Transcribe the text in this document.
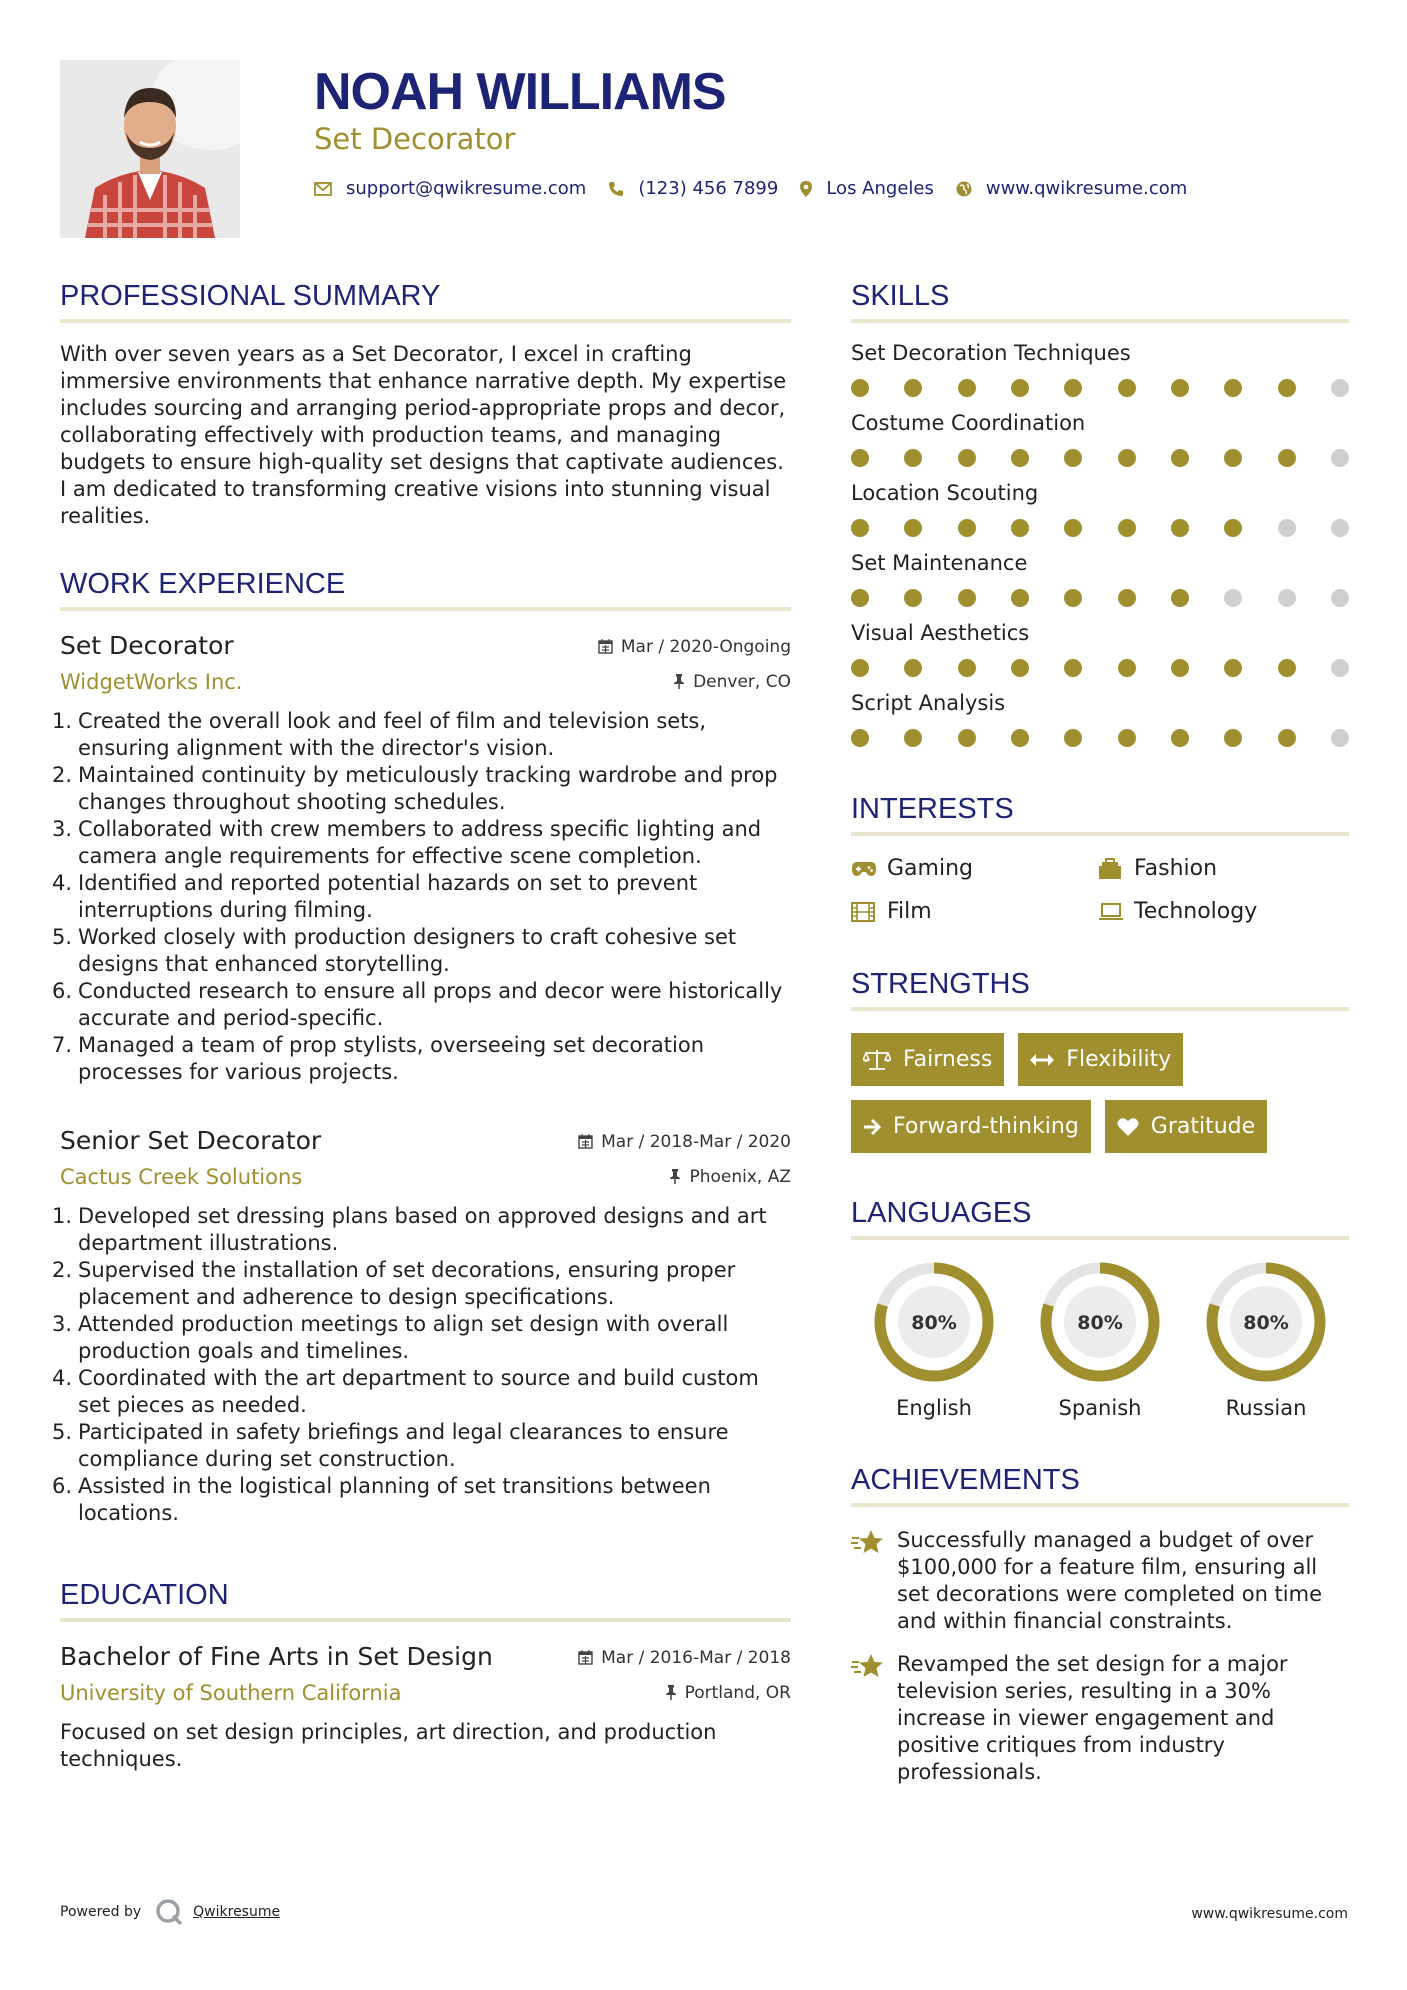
NOAH WILLIAMS
Set Decorator
support@qwikresume.com	(123) 456 7899	Los Angeles	www.qwikresume.com
PROFESSIONAL SUMMARY
With over seven years as a Set Decorator, I excel in crafting immersive environments that enhance narrative depth. My expertise includes sourcing and arranging period-appropriate props and decor, collaborating effectively with production teams, and managing budgets to ensure high-quality set designs that captivate audiences. I am dedicated to transforming creative visions into stunning visual realities.
WORK EXPERIENCE
Set Decorator	Mar / 2020-Ongoing
WidgetWorks Inc.	Denver, CO
1. Created the overall look and feel of film and television sets, ensuring alignment with the director's vision.
2. Maintained continuity by meticulously tracking wardrobe and prop changes throughout shooting schedules.
3. Collaborated with crew members to address specific lighting and camera angle requirements for effective scene completion.
4. Identified and reported potential hazards on set to prevent interruptions during filming.
5. Worked closely with production designers to craft cohesive set designs that enhanced storytelling.
6. Conducted research to ensure all props and decor were historically accurate and period-specific.
7. Managed a team of prop stylists, overseeing set decoration processes for various projects.
Senior Set Decorator	Mar / 2018-Mar / 2020
Cactus Creek Solutions	Phoenix, AZ
1. Developed set dressing plans based on approved designs and art department illustrations.
2. Supervised the installation of set decorations, ensuring proper placement and adherence to design specifications.
3. Attended production meetings to align set design with overall production goals and timelines.
4. Coordinated with the art department to source and build custom set pieces as needed.
5. Participated in safety briefings and legal clearances to ensure compliance during set construction.
6. Assisted in the logistical planning of set transitions between locations.
EDUCATION
Bachelor of Fine Arts in Set Design	Mar / 2016-Mar / 2018
University of Southern California	Portland, OR
Focused on set design principles, art direction, and production techniques.
SKILLS
Set Decoration Techniques
Costume Coordination
Location Scouting
Set Maintenance
Visual Aesthetics
Script Analysis
INTERESTS
Gaming	Fashion
Film	Technology
STRENGTHS
Fairness	Flexibility
Forward-thinking	Gratitude
LANGUAGES
80%
English
80%
Spanish
80%
Russian
ACHIEVEMENTS
Successfully managed a budget of over $100,000 for a feature film, ensuring all set decorations were completed on time and within financial constraints.
Revamped the set design for a major television series, resulting in a 30% increase in viewer engagement and positive critiques from industry professionals.
Powered by	Qwikresume	www.qwikresume.com
